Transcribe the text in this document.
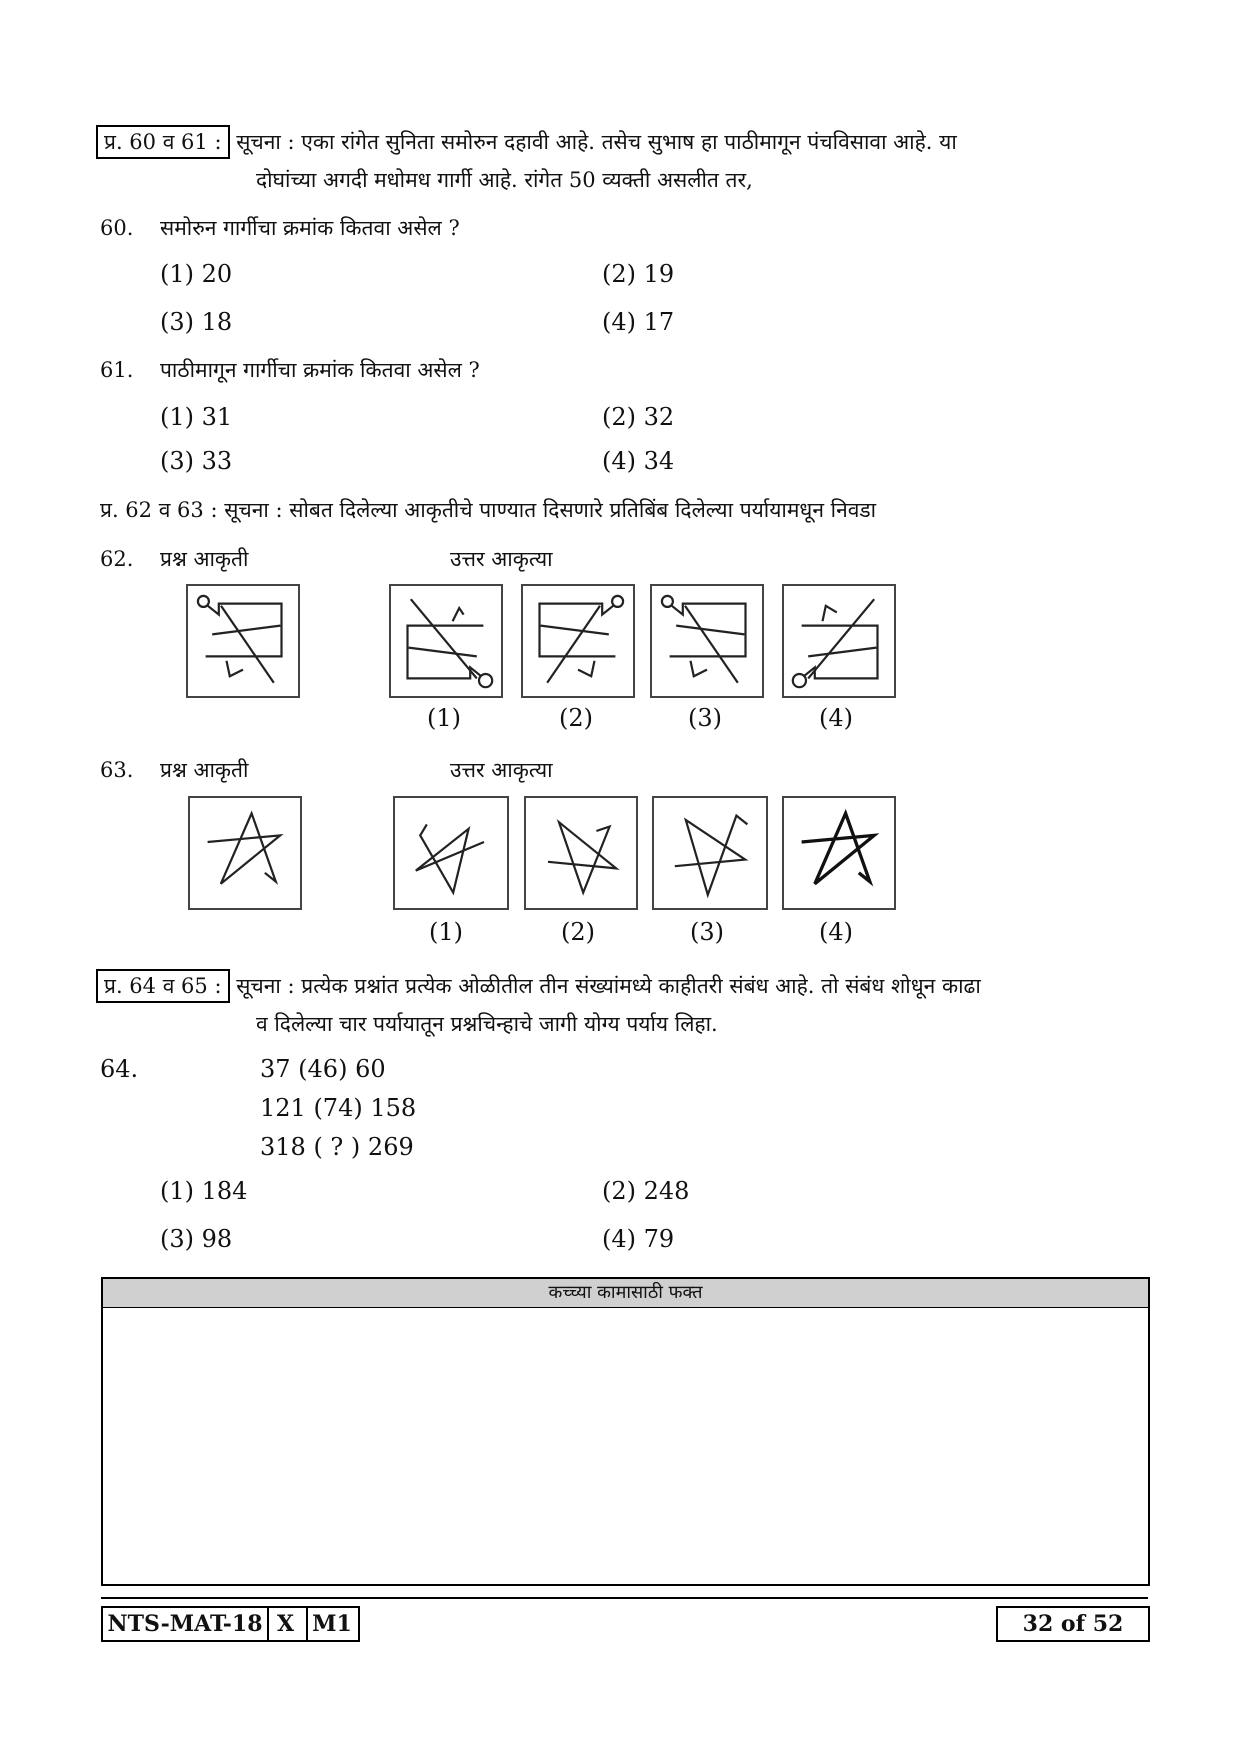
प्र. 60 व 61 : सूचना : एका रांगेत सुनिता समोरुन दहावी आहे. तसेच सुभाष हा पाठीमागून पंचविसावा आहे. या
दोघांच्या अगदी मधोमध गार्गी आहे. रांगेत 50 व्यक्ती असलीत तर,
60. समोरुन गार्गीचा क्रमांक कितवा असेल ?
(1) 20	(2) 19
(3) 18	(4) 17
61. पाठीमागून गार्गीचा क्रमांक कितवा असेल ?
(1) 31	(2) 32
(3) 33	(4) 34
प्र. 62 व 63 : सूचना : सोबत दिलेल्या आकृतीचे पाण्यात दिसणारे प्रतिबिंब दिलेल्या पर्यायामधून निवडा
62. प्रश्न आकृती	उत्तर आकृत्या
(1)	(2)	(3)	(4)
63. प्रश्न आकृती	उत्तर आकृत्या
(1)	(2)	(3)	(4)
प्र. 64 व 65 : सूचना : प्रत्येक प्रश्नांत प्रत्येक ओळीतील तीन संख्यांमध्ये काहीतरी संबंध आहे. तो संबंध शोधून काढा
व दिलेल्या चार पर्यायातून प्रश्नचिन्हाचे जागी योग्य पर्याय लिहा.
64.	37 (46) 60
121 (74) 158
318 ( ? ) 269
(1) 184	(2) 248
(3) 98	(4) 79
कच्च्या कामासाठी फक्त
NTS-MAT-18 X M1	32 of 52
